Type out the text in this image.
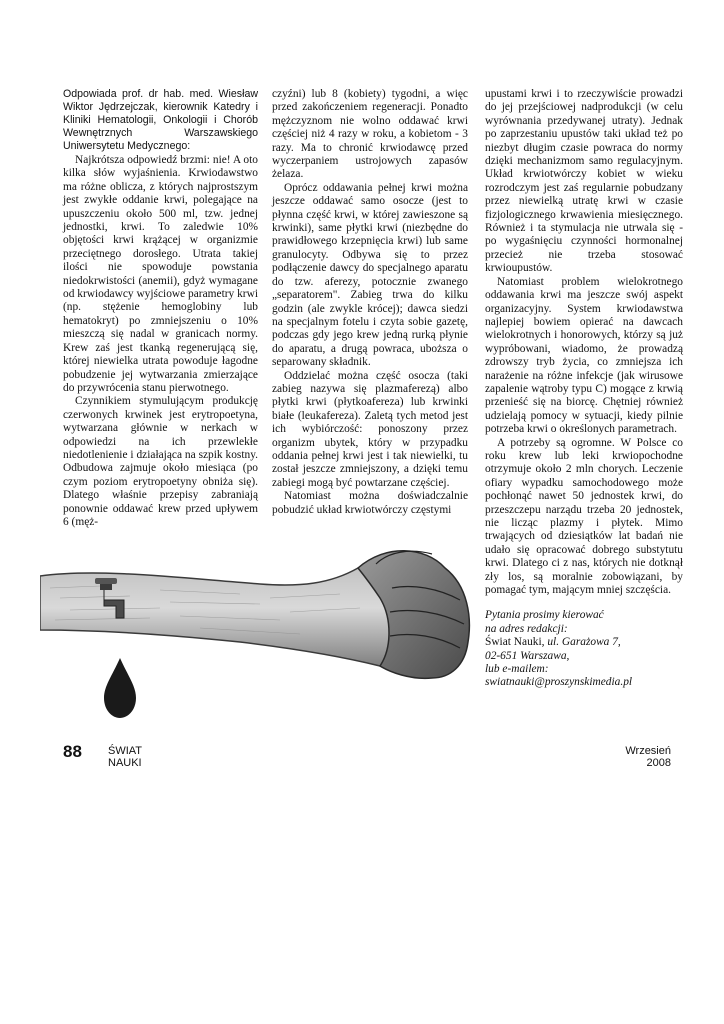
Odpowiada prof. dr hab. med. Wiesław Wiktor Jędrzejczak, kierownik Katedry i Kliniki Hematologii, Onkologii i Chorób Wewnętrznych Warszawskiego Uniwersytetu Medycznego:

Najkrótsza odpowiedź brzmi: nie! A oto kilka słów wyjaśnienia. Krwiodawstwo ma różne oblicza, z których najprostszym jest zwykłe oddanie krwi, polegające na upuszczeniu około 500 ml, tzw. jednej jednostki, krwi. To zaledwie 10% objętości krwi krążącej w organizmie przeciętnego dorosłego. Utrata takiej ilości nie spowoduje powstania niedokrwistości (anemii), gdyż wymagane od krwiodawcy wyjściowe parametry krwi (np. stężenie hemoglobiny lub hematokryt) po zmniejszeniu o 10% mieszczą się nadal w granicach normy. Krew zaś jest tkanką regenerującą się, której niewielka utrata powoduje łagodne pobudzenie jej wytwarzania zmierzające do przywrócenia stanu pierwotnego.

Czynnikiem stymulującym produkcję czerwonych krwinek jest erytropoetyna, wytwarzana głównie w nerkach w odpowiedzi na ich przewlekłe niedotlenienie i działająca na szpik kostny. Odbudowa zajmuje około miesiąca (po czym poziom erytropoetyny obniża się). Dlatego właśnie przepisy zabraniają ponownie oddawać krew przed upływem 6 (męż-

czyźni) lub 8 (kobiety) tygodni, a więc przed zakończeniem regeneracji. Ponadto mężczyznom nie wolno oddawać krwi częściej niż 4 razy w roku, a kobietom - 3 razy. Ma to chronić krwiodawcę przed wyczerpaniem ustrojowych zapasów żelaza.

Oprócz oddawania pełnej krwi można jeszcze oddawać samo osocze (jest to płynna część krwi, w której zawieszone są krwinki), same płytki krwi (niezbędne do prawidłowego krzepnięcia krwi) lub same granulocyty. Odbywa się to przez podłączenie dawcy do specjalnego aparatu do tzw. aferezy, potocznie zwanego „separatorem". Zabieg trwa do kilku godzin (ale zwykle krócej); dawca siedzi na specjalnym fotelu i czyta sobie gazetę, podczas gdy jego krew jedną rurką płynie do aparatu, a drugą powraca, uboższa o separowany składnik.

Oddzielać można część osocza (taki zabieg nazywa się plazmaferezą) albo płytki krwi (płytkoafereza) lub krwinki białe (leukafereza). Zaletą tych metod jest ich wybiórczość: ponoszony przez organizm ubytek, który w przypadku oddania pełnej krwi jest i tak niewielki, tu został jeszcze zmniejszony, a dzięki temu zabiegi mogą być powtarzane częściej.

Natomiast można doświadczalnie pobudzić układ krwiotwórczy częstymi

upustami krwi i to rzeczywiście prowadzi do jej przejściowej nadprodukcji (w celu wyrównania przedywanej utraty). Jednak po zaprzestaniu upustów taki układ też po niezbyt długim czasie powraca do normy dzięki mechanizmom samo regulacyjnym. Układ krwiotwórczy kobiet w wieku rozrodczym jest zaś regularnie pobudzany przez niewielką utratę krwi w czasie fizjologicznego krwawienia miesięcznego. Również i ta stymulacja nie utrwala się - po wygaśnięciu czynności hormonalnej przecież nie trzeba stosować krwioupustów.

Natomiast problem wielokrotnego oddawania krwi ma jeszcze swój aspekt organizacyjny. System krwiodawstwa najlepiej bowiem opierać na dawcach wielokrotnych i honorowych, którzy są już wypróbowani, wiadomo, że prowadzą zdrowszy tryb życia, co zmniejsza ich narażenie na różne infekcje (jak wirusowe zapalenie wątroby typu C) mogące z krwią przenieść się na biorcę. Chętniej również udzielają pomocy w sytuacji, kiedy pilnie potrzeba krwi o określonych parametrach.

A potrzeby są ogromne. W Polsce co roku krew lub leki krwiopochodne otrzymuje około 2 mln chorych. Leczenie ofiary wypadku samochodowego może pochłonąć nawet 50 jednostek krwi, do przeszczepu narządu trzeba 20 jednostek, nie licząc plazmy i płytek. Mimo trwających od dziesiątków lat badań nie udało się opracować dobrego substytutu krwi. Dlatego ci z nas, których nie dotknął zły los, są moralnie zobowiązani, by pomagać tym, mającym mniej szczęścia.

Pytania prosimy kierować
na adres redakcji:
Świat Nauki, ul. Garażowa 7,
02-651 Warszawa,
lub e-mailem:
swiatnauki@proszynskimedia.pl
88 ŚWIAT
NAUKI
Wrzesień
2008
